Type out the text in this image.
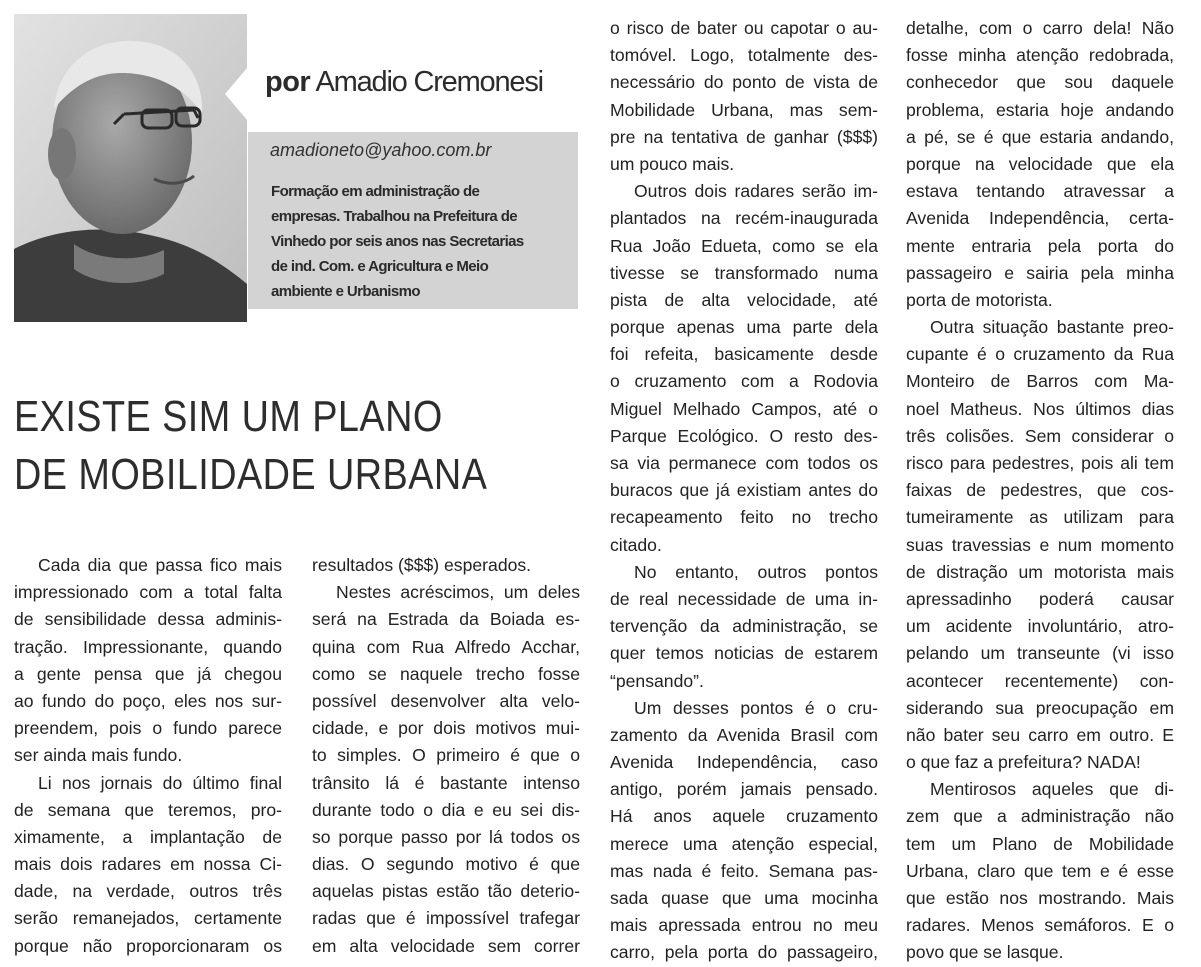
por Amadio Cremonesi
amadioneto@yahoo.com.br

Formação em administração de
empresas. Trabalhou na Prefeitura de
Vinhedo por seis anos nas Secretarias
de ind. Com. e Agricultura e Meio
ambiente e Urbanismo

EXISTE SIM UM PLANO
DE MOBILIDADE URBANA
Cada dia que passa fico mais
impressionado com a total falta
de sensibilidade dessa adminis-
tração. Impressionante, quando
a gente pensa que já chegou
ao fundo do poço, eles nos sur-
preendem, pois o fundo parece
ser ainda mais fundo.
Li nos jornais do último final
de semana que teremos, pro-
ximamente, a implantação de
mais dois radares em nossa Ci-
dade, na verdade, outros três
serão remanejados, certamente
porque não proporcionaram os
resultados ($$$) esperados.
Nestes acréscimos, um deles
será na Estrada da Boiada es-
quina com Rua Alfredo Acchar,
como se naquele trecho fosse
possível desenvolver alta velo-
cidade, e por dois motivos mui-
to simples. O primeiro é que o
trânsito lá é bastante intenso
durante todo o dia e eu sei dis-
so porque passo por lá todos os
dias. O segundo motivo é que
aquelas pistas estão tão deterio-
radas que é impossível trafegar
em alta velocidade sem correr
o risco de bater ou capotar o au-
tomóvel. Logo, totalmente des-
necessário do ponto de vista de
Mobilidade Urbana, mas sem-
pre na tentativa de ganhar ($$$)
um pouco mais.
Outros dois radares serão im-
plantados na recém-inaugurada
Rua João Edueta, como se ela
tivesse se transformado numa
pista de alta velocidade, até
porque apenas uma parte dela
foi refeita, basicamente desde
o cruzamento com a Rodovia
Miguel Melhado Campos, até o
Parque Ecológico. O resto des-
sa via permanece com todos os
buracos que já existiam antes do
recapeamento feito no trecho
citado.
No entanto, outros pontos
de real necessidade de uma in-
tervenção da administração, se
quer temos noticias de estarem
“pensando”.
Um desses pontos é o cru-
zamento da Avenida Brasil com
Avenida Independência, caso
antigo, porém jamais pensado.
Há anos aquele cruzamento
merece uma atenção especial,
mas nada é feito. Semana pas-
sada quase que uma mocinha
mais apressada entrou no meu
carro, pela porta do passageiro,
detalhe, com o carro dela! Não
fosse minha atenção redobrada,
conhecedor que sou daquele
problema, estaria hoje andando
a pé, se é que estaria andando,
porque na velocidade que ela
estava tentando atravessar a
Avenida Independência, certa-
mente entraria pela porta do
passageiro e sairia pela minha
porta de motorista.
Outra situação bastante preo-
cupante é o cruzamento da Rua
Monteiro de Barros com Ma-
noel Matheus. Nos últimos dias
três colisões. Sem considerar o
risco para pedestres, pois ali tem
faixas de pedestres, que cos-
tumeiramente as utilizam para
suas travessias e num momento
de distração um motorista mais
apressadinho poderá causar
um acidente involuntário, atro-
pelando um transeunte (vi isso
acontecer recentemente) con-
siderando sua preocupação em
não bater seu carro em outro. E
o que faz a prefeitura? NADA!
Mentirosos aqueles que di-
zem que a administração não
tem um Plano de Mobilidade
Urbana, claro que tem e é esse
que estão nos mostrando. Mais
radares. Menos semáforos. E o
povo que se lasque.
